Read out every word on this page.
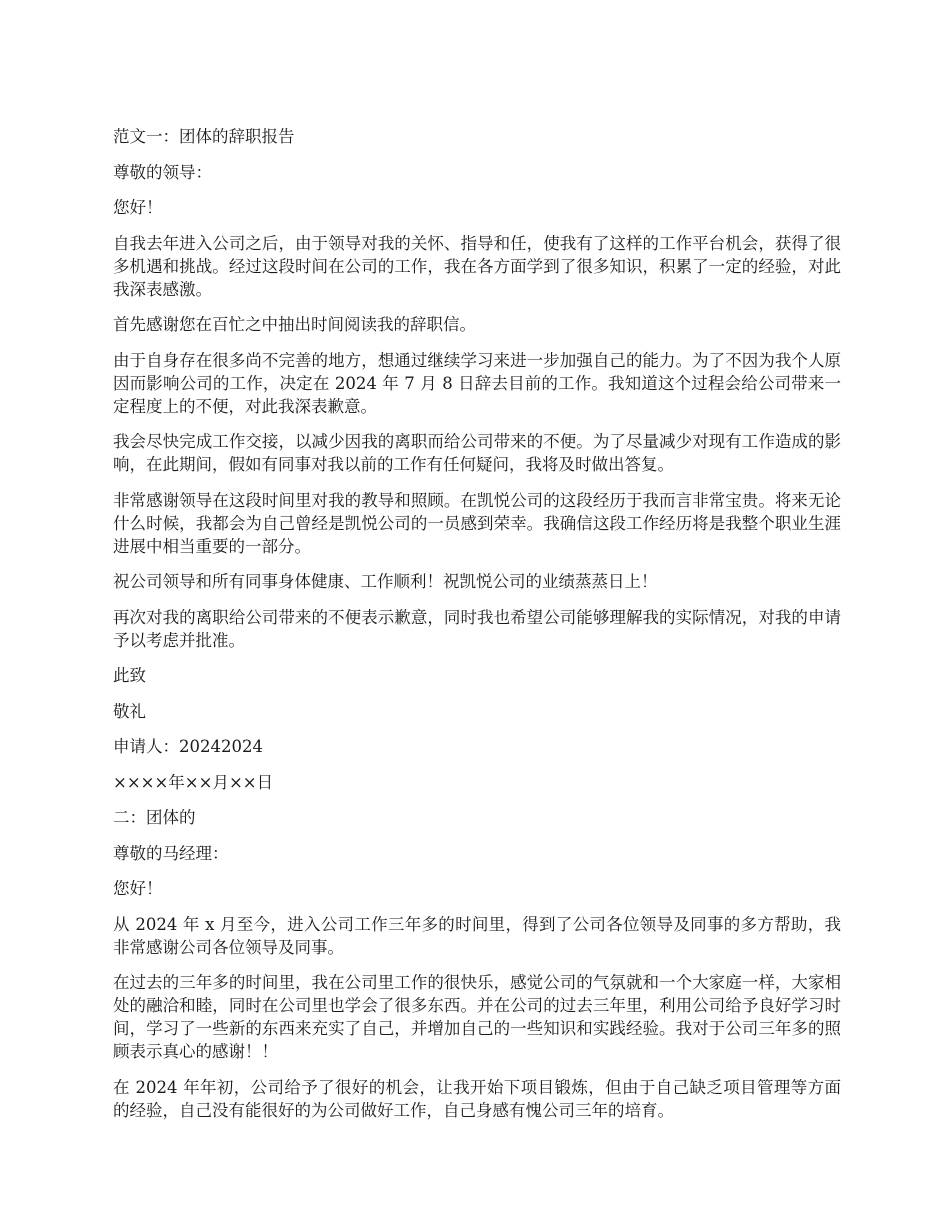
范文一：团体的辞职报告

尊敬的领导：

您好！

自我去年进入公司之后，由于领导对我的关怀、指导和任，使我有了这样的工作平台机会，获得了很多机遇和挑战。经过这段时间在公司的工作，我在各方面学到了很多知识，积累了一定的经验，对此我深表感激。

首先感谢您在百忙之中抽出时间阅读我的辞职信。

由于自身存在很多尚不完善的地方，想通过继续学习来进一步加强自己的能力。为了不因为我个人原因而影响公司的工作，决定在 2024 年 7 月 8 日辞去目前的工作。我知道这个过程会给公司带来一定程度上的不便，对此我深表歉意。

我会尽快完成工作交接，以减少因我的离职而给公司带来的不便。为了尽量减少对现有工作造成的影响，在此期间，假如有同事对我以前的工作有任何疑问，我将及时做出答复。

非常感谢领导在这段时间里对我的教导和照顾。在凯悦公司的这段经历于我而言非常宝贵。将来无论什么时候，我都会为自己曾经是凯悦公司的一员感到荣幸。我确信这段工作经历将是我整个职业生涯进展中相当重要的一部分。

祝公司领导和所有同事身体健康、工作顺利！祝凯悦公司的业绩蒸蒸日上！

再次对我的离职给公司带来的不便表示歉意，同时我也希望公司能够理解我的实际情况，对我的申请予以考虑并批准。

此致

敬礼

申请人：20242024

××××年××月××日

二：团体的

尊敬的马经理：

您好！

从 2024 年 x 月至今，进入公司工作三年多的时间里，得到了公司各位领导及同事的多方帮助，我非常感谢公司各位领导及同事。

在过去的三年多的时间里，我在公司里工作的很快乐，感觉公司的气氛就和一个大家庭一样，大家相处的融洽和睦，同时在公司里也学会了很多东西。并在公司的过去三年里，利用公司给予良好学习时间，学习了一些新的东西来充实了自己，并增加自己的一些知识和实践经验。我对于公司三年多的照顾表示真心的感谢！！

在 2024 年年初，公司给予了很好的机会，让我开始下项目锻炼，但由于自己缺乏项目管理等方面的经验，自己没有能很好的为公司做好工作，自己身感有愧公司三年的培育。
